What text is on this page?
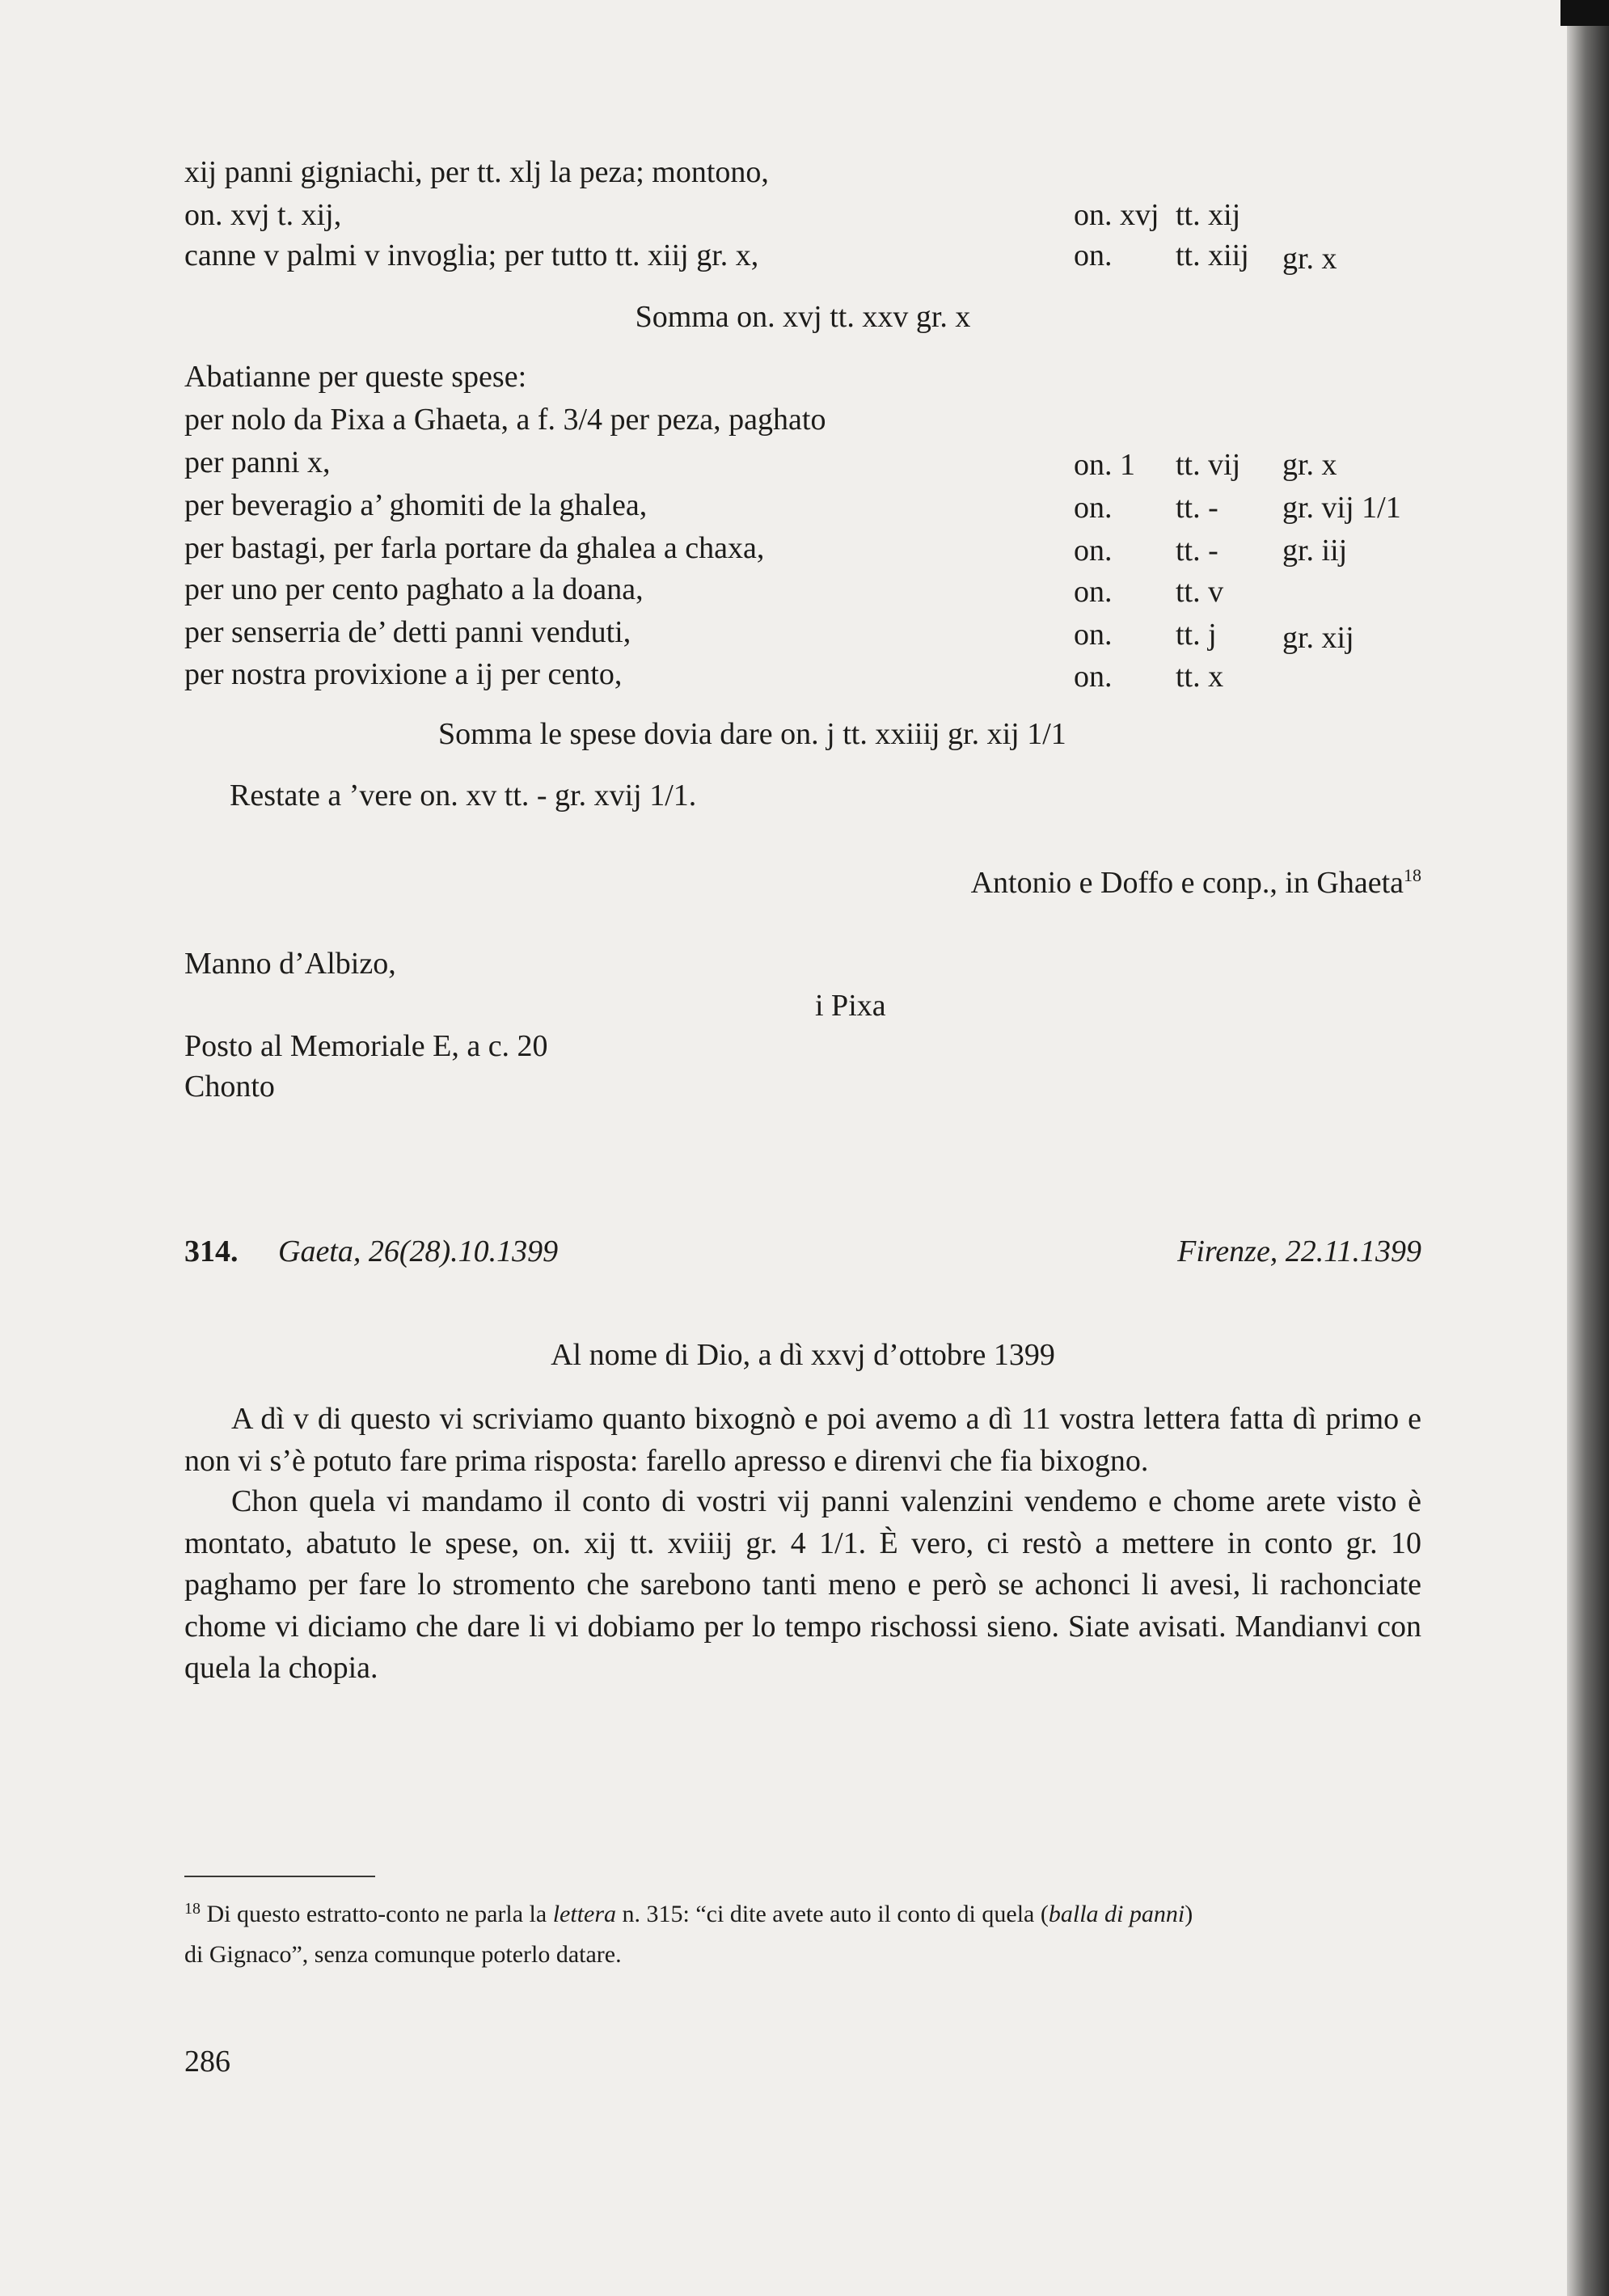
xij panni gigniachi, per tt. xlj la peza; montono,
on. xvj t. xij,	on. xvj tt. xij
canne v palmi v invoglia; per tutto tt. xiij gr. x,	on. tt. xiij gr. x
Somma on. xvj tt. xxv gr. x
Abatianne per queste spese:
per nolo da Pixa a Ghaeta, a f. 3/4 per peza, paghato
per panni x,	on. 1 tt. vij gr. x
per beveragio a’ ghomiti de la ghalea,	on. tt. - gr. vij 1/1
per bastagi, per farla portare da ghalea a chaxa,	on. tt. - gr. iij
per uno per cento paghato a la doana,	on. tt. v
per senserria de’ detti panni venduti,	on. tt. j gr. xij
per nostra provixione a ij per cento,	on. tt. x
Somma le spese dovia dare on. j tt. xxiiij gr. xij 1/1
Restate a ’vere on. xv tt. - gr. xvij 1/1.
Antonio e Doffo e conp., in Ghaeta$^{18}$
Manno d’Albizo,
i Pixa
Posto al Memoriale E, a c. 20
Chonto
314. Gaeta, 26(28).10.1399	Firenze, 22.11.1399
Al nome di Dio, a dì xxvj d’ottobre 1399
A dì v di questo vi scriviamo quanto bixognò e poi avemo a dì 11 vostra lettera fatta dì primo e non vi s’è potuto fare prima risposta: farello apresso e direnvi che fia bixogno.
Chon quela vi mandamo il conto di vostri vij panni valenzini vendemo e chome arete visto è montato, abatuto le spese, on. xij tt. xviiij gr. 4 1/1. È vero, ci restò a mettere in conto gr. 10 paghamo per fare lo stromento che sarebono tanti meno e però se achonci li avesi, li rachonciate chome vi diciamo che dare li vi dobiamo per lo tempo rischossi sieno. Siate avisati. Mandianvi con quela la chopia.
$^{18}$ Di questo estratto-conto ne parla la lettera n. 315: “ci dite avete auto il conto di quela (balla di panni)
di Gignaco”, senza comunque poterlo datare.
286
